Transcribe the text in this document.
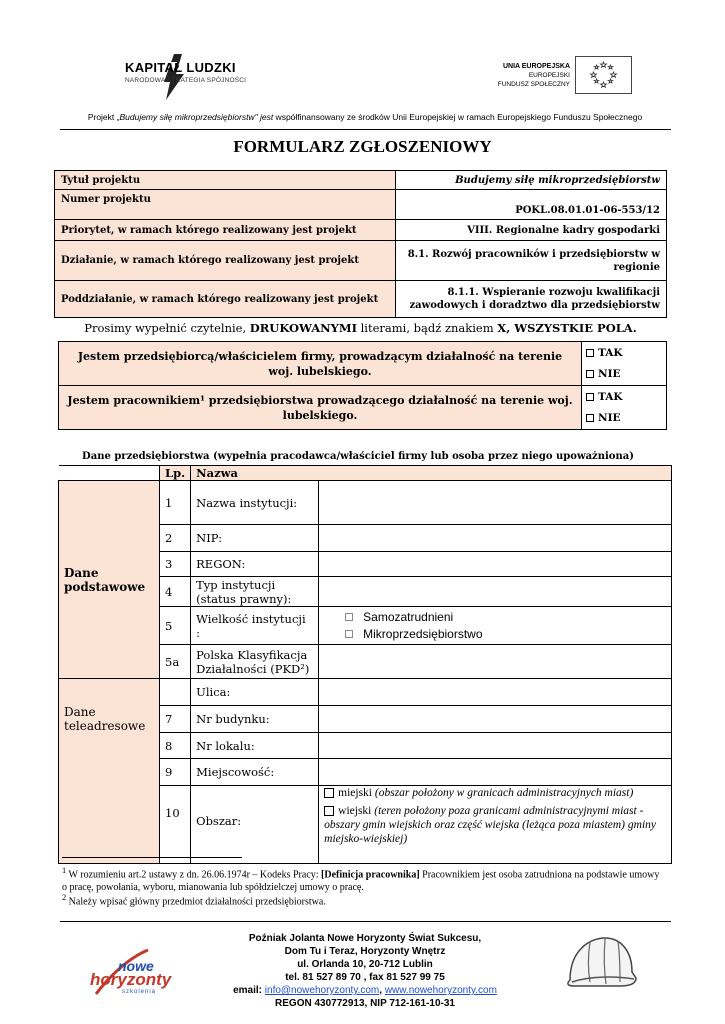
KAPITAŁ LUDZKI
NARODOWA STRATEGIA SPÓJNOŚCI
UNIA EUROPEJSKA
EUROPEJSKI
FUNDUSZ SPOŁECZNY
Projekt „Budujemy siłę mikroprzedsiębiorstw" jest współfinansowany ze środków Unii Europejskiej w ramach Europejskiego Funduszu Społecznego
FORMULARZ ZGŁOSZENIOWY
Tytuł projektu	Budujemy siłę mikroprzedsiębiorstw
Numer projektu	POKL.08.01.01-06-553/12
Priorytet, w ramach którego realizowany jest projekt	VIII. Regionalne kadry gospodarki
Działanie, w ramach którego realizowany jest projekt	8.1. Rozwój pracowników i przedsiębiorstw w regionie
Poddziałanie, w ramach którego realizowany jest projekt	8.1.1. Wspieranie rozwoju kwalifikacji zawodowych i doradztwo dla przedsiębiorstw
Prosimy wypełnić czytelnie, DRUKOWANYMI literami, bądź znakiem X, WSZYSTKIE POLA.
Jestem przedsiębiorcą/właścicielem firmy, prowadzącym działalność na terenie woj. lubelskiego.	TAK
NIE

Jestem pracownikiem¹ przedsiębiorstwa prowadzącego działalność na terenie woj. lubelskiego.	TAK
NIE
Dane przedsiębiorstwa (wypełnia pracodawca/właściciel firmy lub osoba przez niego upoważniona)
	Lp.	Nazwa	
Dane podstawowe	1	Nazwa instytucji:	
	2	NIP:	
	3	REGON:	
	4	Typ instytucji (status prawny):	
	5	Wielkość instytucji :	Samozatrudnieni
Mikroprzedsiębiorstwo

	5a	Polska Klasyfikacja Działalności (PKD²)	
Dane teleadresowe		Ulica:	
	7	Nr budynku:	
	8	Nr lokalu:	
	9	Miejscowość:	
	10	Obszar:	miejski (obszar położony w granicach administracyjnych miast)
wiejski (teren położony poza granicami administracyjnymi miast - obszary gmin wiejskich oraz część wiejska (leżąca poza miastem) gminy miejsko-wiejskiej)
$^1$ W rozumieniu art.2 ustawy z dn. 26.06.1974r – Kodeks Pracy: [Definicja pracownika] Pracownikiem jest osoba zatrudniona na podstawie umowy o pracę, powołania, wyboru, mianowania lub spółdzielczej umowy o pracę.
$^2$ Należy wpisać główny przedmiot działalności przedsiębiorstwa.
nowe
horyzonty
szkolenia
Poźniak Jolanta Nowe Horyzonty Świat Sukcesu,
Dom Tu i Teraz, Horyzonty Wnętrz
ul. Orlanda 10, 20-712 Lublin
tel. 81 527 89 70 , fax 81 527 99 75
email: info@nowehoryzonty.com, www.nowehoryzonty.com
REGON 430772913, NIP 712-161-10-31
